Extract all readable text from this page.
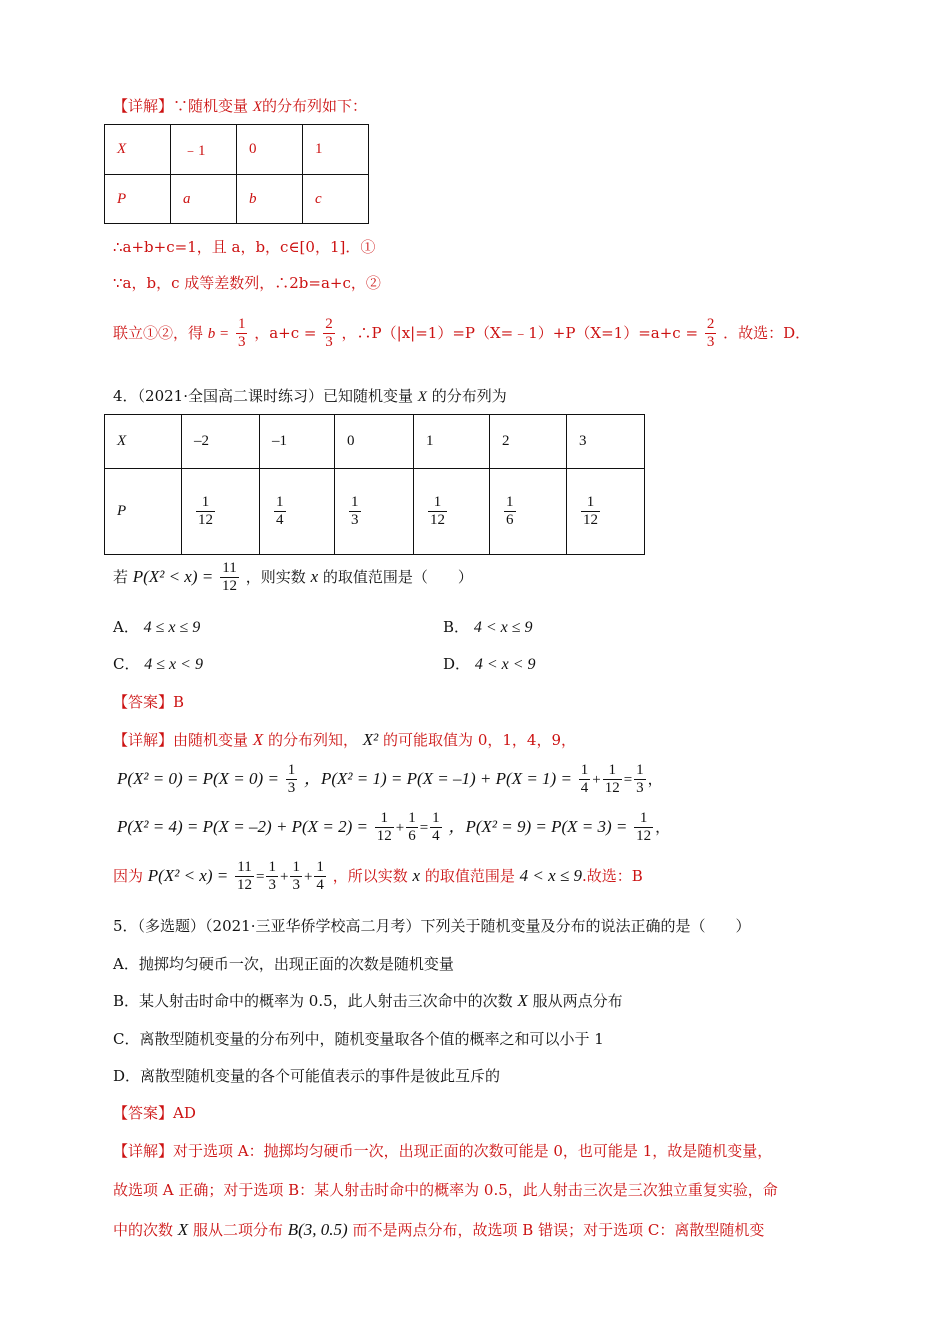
【详解】∵随机变量 X的分布列如下：
X	﹣1	0	1
P	a	b	c
∴a+b+c=1，且 a，b，c∈[0，1]．①
∵a，b，c 成等差数列，∴2b=a+c，②
联立①②，得 $b = \frac{1}{3}$ ，$a+c = \frac{2}{3}$ ，∴P（|x|=1）=P（X=﹣1）+P（X=1）=a+c = $\frac{2}{3}$ ．故选：D．
4．（2021·全国高二课时练习）已知随机变量 X 的分布列为
X	–2	–1	0	1	2	3
P	$\frac{1}{12}$	$\frac{1}{4}$	$\frac{1}{3}$	$\frac{1}{12}$	$\frac{1}{6}$	$\frac{1}{12}$
若 $P(X^2 < x) = \frac{11}{12}$ ，则实数 x 的取值范围是（　　）
A． 4 ≤ x ≤ 9	B． 4 < x ≤ 9
C． 4 ≤ x < 9	D． 4 < x < 9
【答案】B
【详解】由随机变量 X 的分布列知， X² 的可能取值为 0，1，4，9，
$P(X^2 = 0) = P(X = 0) = \frac{1}{3}$ ，$P(X^2 = 1) = P(X = -1) + P(X = 1) = \frac{1}{4} + \frac{1}{12} = \frac{1}{3}$ ，
$P(X^2 = 4) = P(X = -2) + P(X = 2) = \frac{1}{12} + \frac{1}{6} = \frac{1}{4}$ ，$P(X^2 = 9) = P(X = 3) = \frac{1}{12}$ ，
因为 $P(X^2 < x) = \frac{11}{12} = \frac{1}{3} + \frac{1}{3} + \frac{1}{4}$ ，所以实数 x 的取值范围是 4 < x ≤ 9.故选：B
5．（多选题）（2021·三亚华侨学校高二月考）下列关于随机变量及分布的说法正确的是（　　）
A．抛掷均匀硬币一次，出现正面的次数是随机变量
B．某人射击时命中的概率为 0.5，此人射击三次命中的次数 X 服从两点分布
C．离散型随机变量的分布列中，随机变量取各个值的概率之和可以小于 1
D．离散型随机变量的各个可能值表示的事件是彼此互斥的
【答案】AD
【详解】对于选项 A：抛掷均匀硬币一次，出现正面的次数可能是 0，也可能是 1，故是随机变量，
故选项 A 正确；对于选项 B：某人射击时命中的概率为 0.5，此人射击三次是三次独立重复实验，命
中的次数 X 服从二项分布 B(3, 0.5) 而不是两点分布，故选项 B 错误；对于选项 C：离散型随机变
